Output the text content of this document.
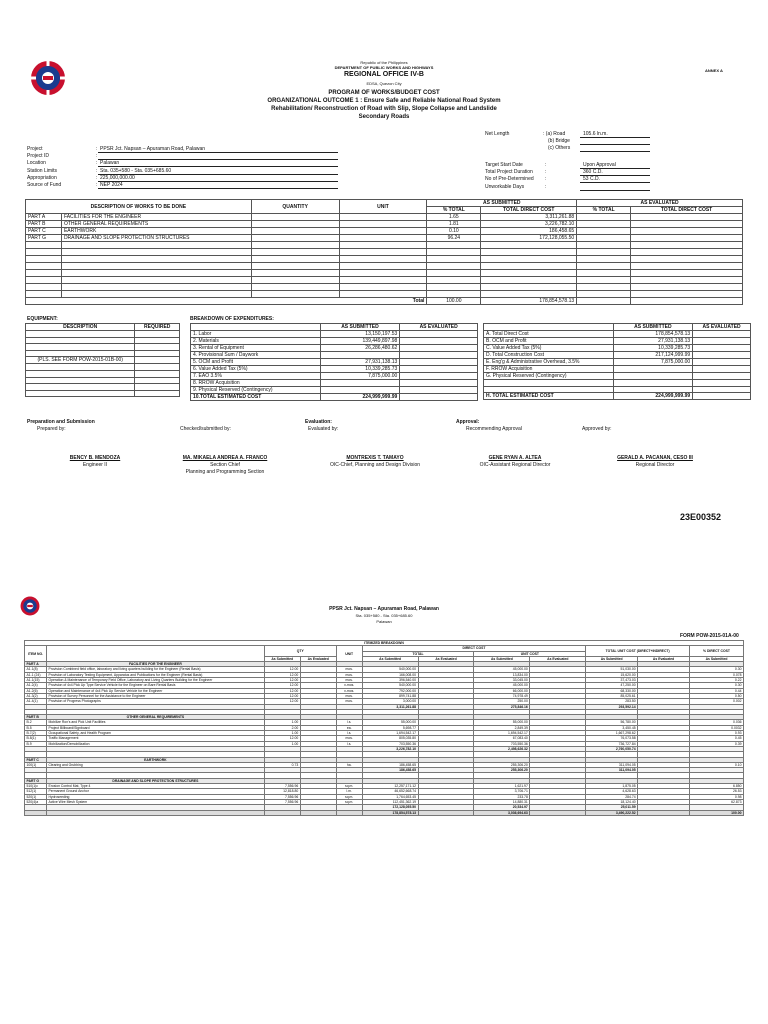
Republic of the Philippines
DEPARTMENT OF PUBLIC WORKS AND HIGHWAYS
REGIONAL OFFICE IV-B
EDSA, Quezon City
ANNEX A
PROGRAM OF WORKS/BUDGET COST
ORGANIZATIONAL OUTCOME 1 : Ensure Safe and Reliable National Road System
Rehabilitation/ Reconstruction of Road with Slip, Slope Collapse and Landslide
Secondary Roads
Net Length	: (a) Road	105.6 ln.m.
(b) Bridge
(c) Others
Project	: PPSR Jct. Napsan – Apuraman Road, Palawan
Project ID	:
Location	: Palawan
Station Limits	: Sta. 035+580 - Sta. 035+685.60
Appropriation	: 225,000,000.00
Source of Fund	: NEP 2024
Target Start Date	:	Upon Approval
Total Project Duration :	360 C.D.
No of Pre-Determined :	53 C.D.
Unworkable Days	:
DESCRIPTION OF WORKS TO BE DONE		QUANTITY	UNIT	AS SUBMITTED		AS EVALUATED	
				% TOTAL	TOTAL DIRECT COST	% TOTAL	TOTAL DIRECT COST
PART A	FACILITIES FOR THE ENGINEER			1.65	3,311,261.88		
PART B	OTHER GENERAL REQUIREMENTS			1.81	3,226,782.10		
PART C	EARTHWORK			0.10	186,458.65		
PART G	DRAINAGE AND SLOPE PROTECTION STRUCTURES			96.24	172,128,055.50		

Total				100.00	178,854,578.13		
EQUIPMENT:
DESCRIPTION	REQUIRED

(PLS. SEE FORM POW-2015-01B-00)	

BREAKDOWN OF EXPENDITURES:
	AS SUBMITTED	AS EVALUATED
1. Labor	13,150,197.53	
2. Materials	139,449,897.98	
3. Rental of Equipment	26,286,480.62	
4. Provisional Sum / Daywork		
5. OCM and Profit	27,931,138.13	
6. Value Added Tax (5%)	10,339,285.73	
7. EAO 3.5%	7,875,000.00	
8. RROW Acquisition		
9. Physical Reserved (Contingency)		
10.TOTAL ESTIMATED COST	224,999,999.99	
	AS SUBMITTED	AS EVALUATED
A. Total Direct Cost	178,854,578.13	
B. OCM and Profit	27,931,138.13	
C. Value Added Tax (5%)	10,339,285.73	
D. Total Construction Cost	217,124,999.99	
E. Eng'g & Administrative Overhead, 3.5%	7,875,000.00	
F. RROW Acquisition		
G. Physical Reserved (Contingency)		

H. TOTAL ESTIMATED COST	224,999,999.99	
Preparation and Submission
Prepared by:	Checked/submitted by:
Evaluation:
Evaluated by:
Approval:
Recommending Approval	Approved by:
BENCY B. MENDOZA
Engineer II
MA. MIKAELA ANDREA A. FRANCO
Section Chief
Planning and Programming Section
MONTREXIS T. TAMAYO
OIC-Chief, Planning and Design Division
GENE RYAN A. ALTEA
OIC-Assistant Regional Director
GERALD A. PACANAN, CESO III
Regional Director
23E00352
PPSR Jct. Napsan – Apuraman Road, Palawan
Sta. 035+580 - Sta. 035+685.60
Palawan
FORM POW-2015-01A-00
ITEMIZED BREAKDOWN											
ITEM NO.		QTY		UNIT	DIRECT COST				TOTAL UNIT COST (DIRECT+INDIRECT)		% DIRECT COST
					TOTAL		UNIT COST				
		As Submitted	As Evaluated		As Submitted	As Evaluated	As Submitted	As Evaluated	As Submitted	As Evaluated	As Submitted
PART A	FACILITIES FOR THE ENGINEER										
A1.1(8)	Provision Combined field office, laboratory and living quarters building for the Engineer (Rental Basis)	12.00		mos.	540,000.00		45,000.00		51,030.00		0.30
A1.1 (24)	Provision of Laboratory Testing Equipment, Apparatus and Publications for the Engineer (Rental Basis)	12.00		mos.	166,008.00		13,834.00		15,620.00		0.078
A1.1(15)	Operation & Maintenance of Temporary Field Office, Laboratory and Living Quarters Building for the Engineer	12.00		mos.	396,540.00		33,045.00		37,473.03		0.22
A1.2(4)	Provision of 4x4 Pick Up Type Service Vehicle for the Engineer on Bare Rental Basis	12.00		v-mos.	540,000.00		45,000.00		47,250.00		0.30
A1.2(6)	Operation and Maintenance of 4x4 Pick Up Service Vehicle for the Engineer	12.00		v-mos.	792,000.00		66,000.00		68,330.00		0.44
A1.3(2)	Provision of Survey Personnel for the Assistance to the Engineer	12.00		mos.	899,741.88		74,978.49		85,025.61		0.50
A1.4(1)	Provision of Progress Photographs	12.00		mos.	3,000.00		250.00		283.50		0.002
					3,311,261.88		275,846.16		293,592.14		

PART B	OTHER GENERAL REQUIREMENTS										
B.2	Mobilize Ron's and Pick Unit Facilities	1.00		l.s.	55,000.00		55,000.00		56,780.00		0.036
B.5	Project Billboard/Signboard	2.00		ea.	5,698.77		2,849.39		3,450.45		0.0032
B.7(2)	Occupational Safety, and Health Program	1.00		l.s.	1,694,542.17		1,694,542.17		1,667,298.62		0.93
B.8(1)	Traffic Management	12.00		mos.	805,035.80		67,083.40		76,073.58		0.45
B.9	Mobilization/Demobilization	1.00		l.s.	703,550.36		703,550.36		736,727.84		0.39
					3,226,782.10		2,498,626.32		2,760,050.74		

PART C	EARTHWORK										
100(1)	Clearing and Grubbing	0.73		ha.	186,458.65		255,306.20		311,094.05		0.10
					186,458.65		255,306.20		311,094.05		

PART G	DRAINAGE AND SLOPE PROTECTION STRUCTURES										
510(1)c	Erosion Control Mat, Type 4	7,556.96		sq.m.	12,257,171.12		1,621.97		1,875.05		6.850
512(1)	Permanent Ground Anchor	12,818.80		l.m.	46,652,668.74		3,706.71		4,628.63		26.53
520(1)	Hydroseeding	7,556.96		sq.m.	1,764,653.45		233.78		284.74		0.98
520(4)a	Active Wire Mesh System	7,556.96		sq.m.	112,451,362.19		14,880.31		18,124.40		62.873
					172,128,055.50		20,534.97		25,011.59		
					178,854,578.13		3,036,694.63		3,490,222.52		100.00
